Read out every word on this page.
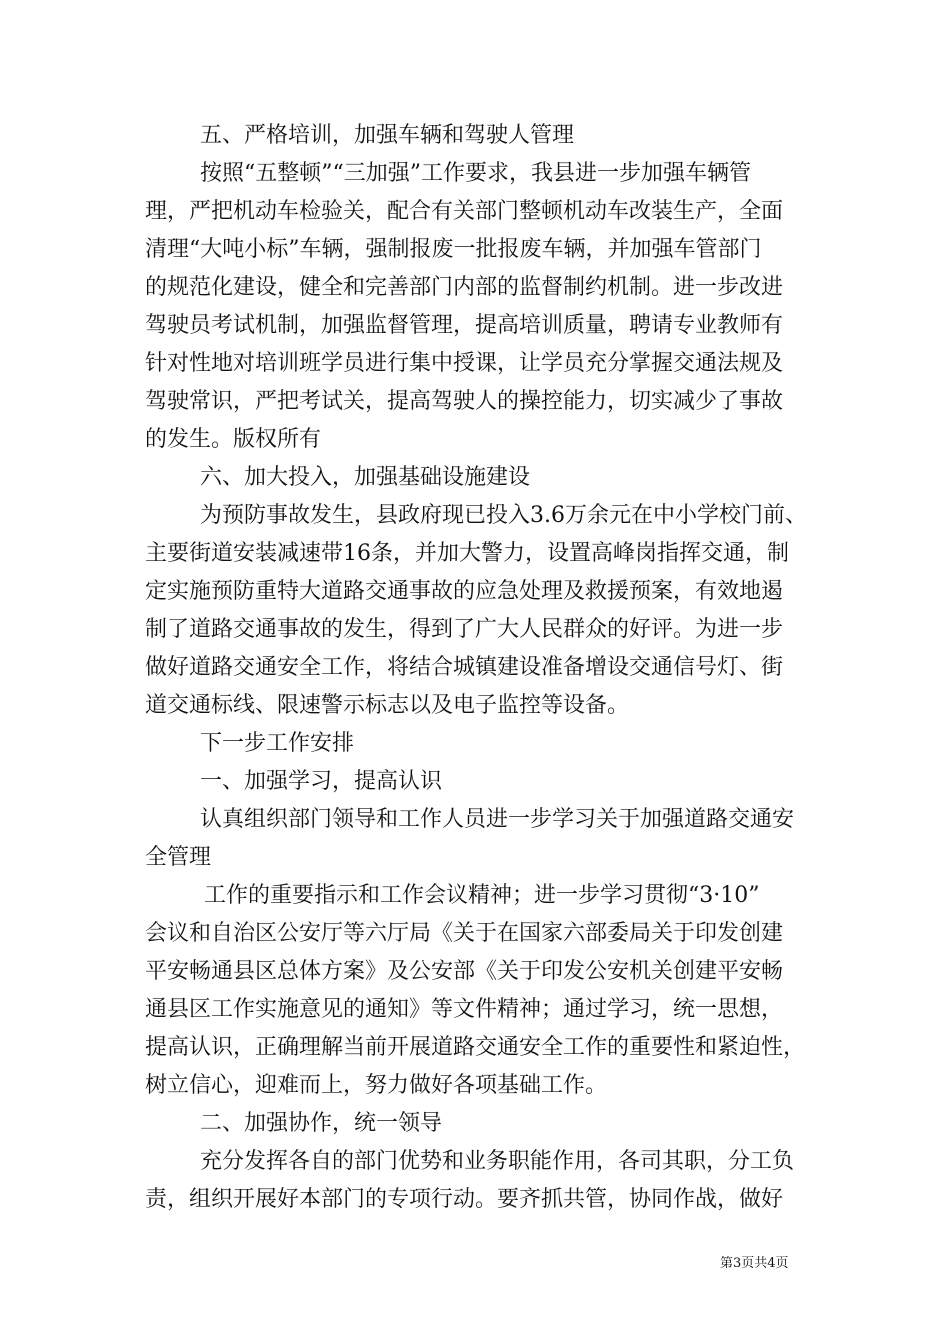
五、严格培训，加强车辆和驾驶人管理
按照“五整顿”“三加强”工作要求，我县进一步加强车辆管
理，严把机动车检验关，配合有关部门整顿机动车改装生产，全面
清理“大吨小标”车辆，强制报废一批报废车辆，并加强车管部门
的规范化建设，健全和完善部门内部的监督制约机制。进一步改进
驾驶员考试机制，加强监督管理，提高培训质量，聘请专业教师有
针对性地对培训班学员进行集中授课，让学员充分掌握交通法规及
驾驶常识，严把考试关，提高驾驶人的操控能力，切实减少了事故
的发生。版权所有
六、加大投入，加强基础设施建设
为预防事故发生，县政府现已投入3.6万余元在中小学校门前、
主要街道安装减速带16条，并加大警力，设置高峰岗指挥交通，制
定实施预防重特大道路交通事故的应急处理及救援预案，有效地遏
制了道路交通事故的发生，得到了广大人民群众的好评。为进一步
做好道路交通安全工作，将结合城镇建设准备增设交通信号灯、街
道交通标线、限速警示标志以及电子监控等设备。
下一步工作安排
一、加强学习，提高认识
认真组织部门领导和工作人员进一步学习关于加强道路交通安
全管理
工作的重要指示和工作会议精神；进一步学习贯彻“3·10”
会议和自治区公安厅等六厅局《关于在国家六部委局关于印发创建
平安畅通县区总体方案》及公安部《关于印发公安机关创建平安畅
通县区工作实施意见的通知》等文件精神；通过学习，统一思想，
提高认识，正确理解当前开展道路交通安全工作的重要性和紧迫性，
树立信心，迎难而上，努力做好各项基础工作。
二、加强协作，统一领导
充分发挥各自的部门优势和业务职能作用，各司其职，分工负
责，组织开展好本部门的专项行动。要齐抓共管，协同作战，做好
第3页共4页
